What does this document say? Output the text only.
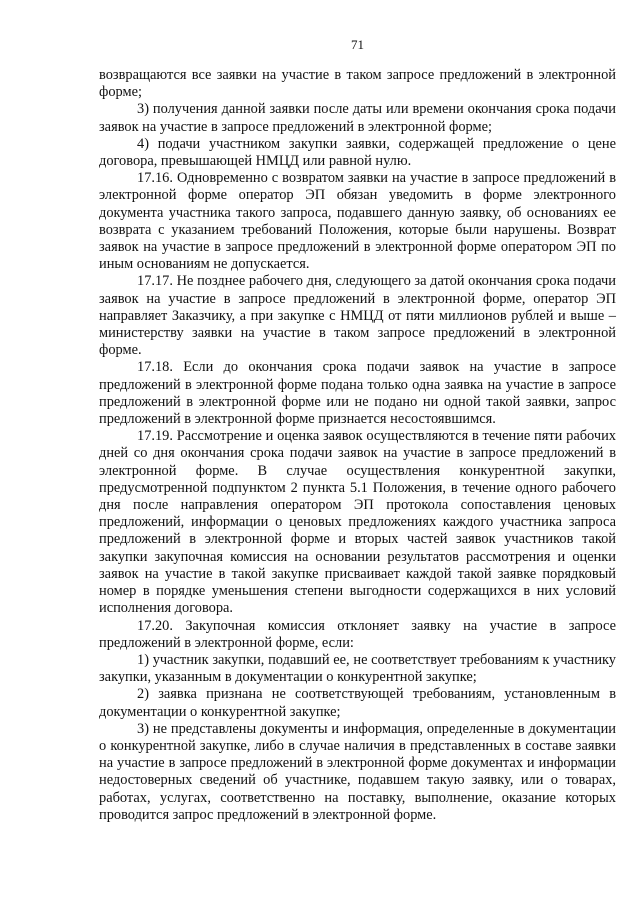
71

возвращаются все заявки на участие в таком запросе предложений в электронной форме;

3) получения данной заявки после даты или времени окончания срока подачи заявок на участие в запросе предложений в электронной форме;

4) подачи участником закупки заявки, содержащей предложение о цене договора, превышающей НМЦД или равной нулю.

17.16. Одновременно с возвратом заявки на участие в запросе предложений в электронной форме оператор ЭП обязан уведомить в форме электронного документа участника такого запроса, подавшего данную заявку, об основаниях ее возврата с указанием требований Положения, которые были нарушены. Возврат заявок на участие в запросе предложений в электронной форме оператором ЭП по иным основаниям не допускается.

17.17. Не позднее рабочего дня, следующего за датой окончания срока подачи заявок на участие в запросе предложений в электронной форме, оператор ЭП направляет Заказчику, а при закупке с НМЦД от пяти миллионов рублей и выше – министерству заявки на участие в таком запросе предложений в электронной форме.

17.18. Если до окончания срока подачи заявок на участие в запросе предложений в электронной форме подана только одна заявка на участие в запросе предложений в электронной форме или не подано ни одной такой заявки, запрос предложений в электронной форме признается несостоявшимся.

17.19. Рассмотрение и оценка заявок осуществляются в течение пяти рабочих дней со дня окончания срока подачи заявок на участие в запросе предложений в электронной форме. В случае осуществления конкурентной закупки, предусмотренной подпунктом 2 пункта 5.1 Положения, в течение одного рабочего дня после направления оператором ЭП протокола сопоставления ценовых предложений, информации о ценовых предложениях каждого участника запроса предложений в электронной форме и вторых частей заявок участников такой закупки закупочная комиссия на основании результатов рассмотрения и оценки заявок на участие в такой закупке присваивает каждой такой заявке порядковый номер в порядке уменьшения степени выгодности содержащихся в них условий исполнения договора.

17.20. Закупочная комиссия отклоняет заявку на участие в запросе предложений в электронной форме, если:

1) участник закупки, подавший ее, не соответствует требованиям к участнику закупки, указанным в документации о конкурентной закупке;

2) заявка признана не соответствующей требованиям, установленным в документации о конкурентной закупке;

3) не представлены документы и информация, определенные в документации о конкурентной закупке, либо в случае наличия в представленных в составе заявки на участие в запросе предложений в электронной форме документах и информации недостоверных сведений об участнике, подавшем такую заявку, или о товарах, работах, услугах, соответственно на поставку, выполнение, оказание которых проводится запрос предложений в электронной форме.
